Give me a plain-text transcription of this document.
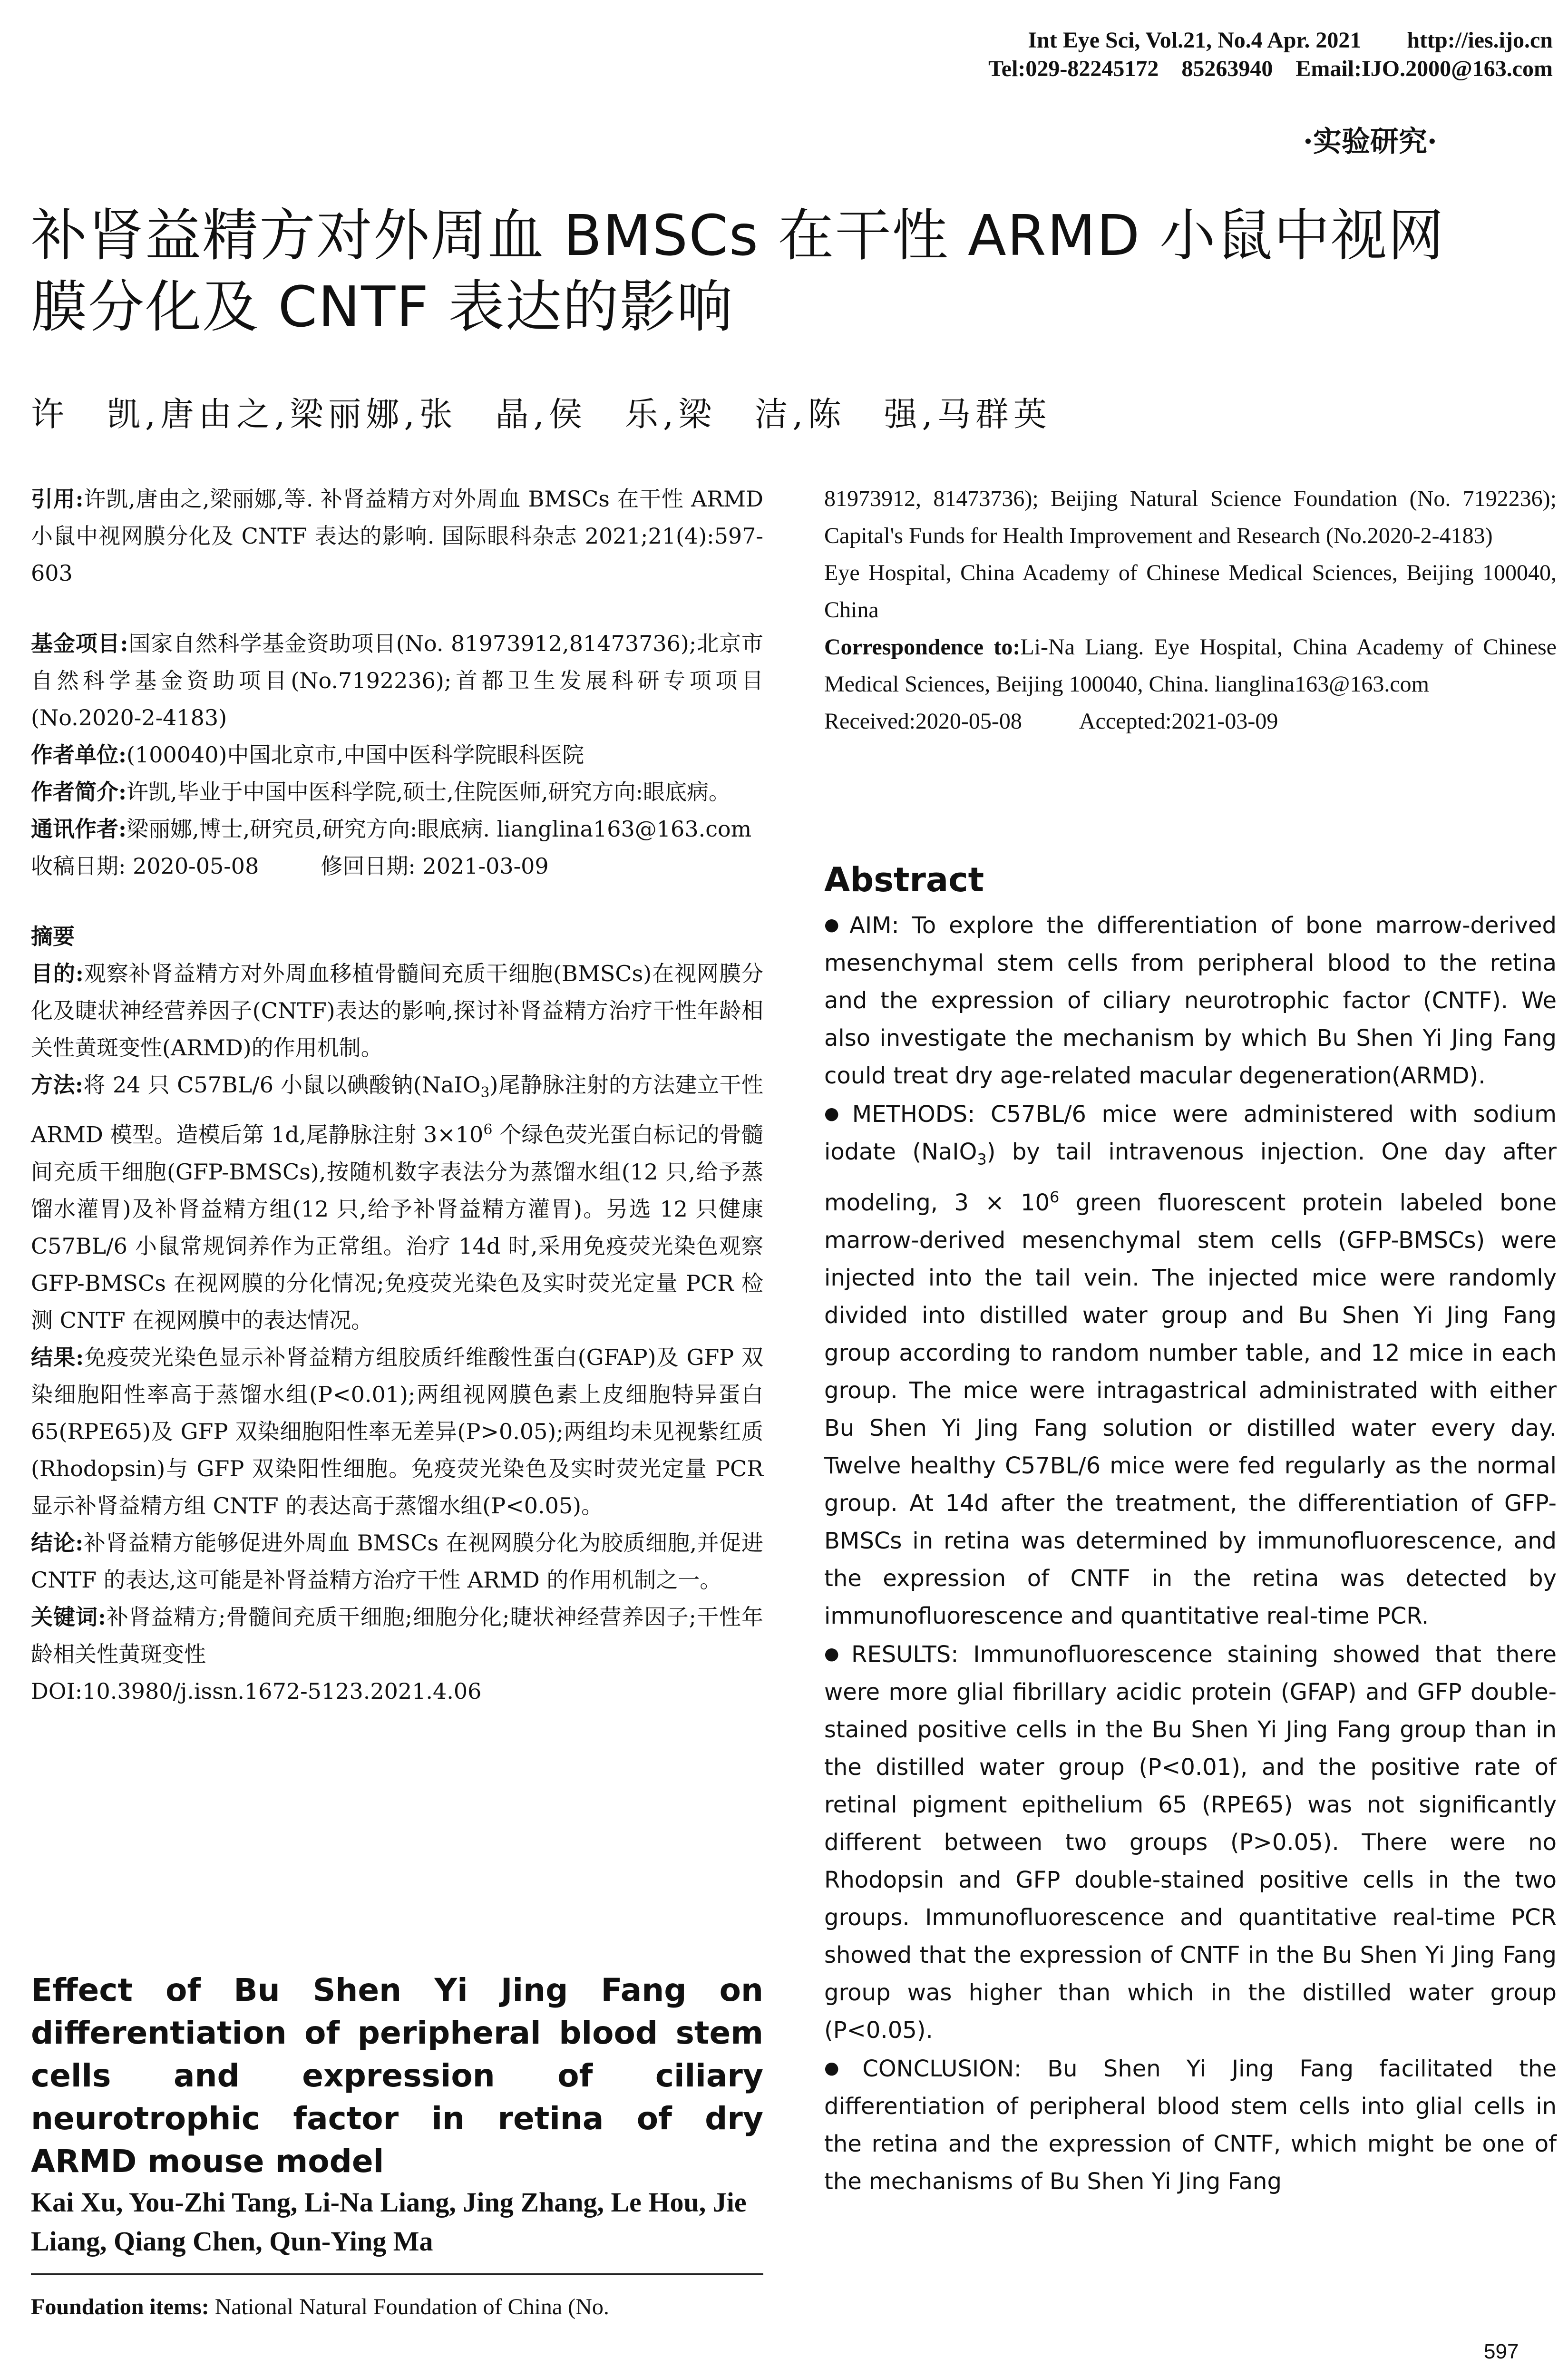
Int Eye Sci, Vol.21, No.4 Apr. 2021        http://ies.ijo.cn
Tel:029-82245172    85263940    Email:IJO.2000@163.com
·实验研究·
补肾益精方对外周血 BMSCs 在干性 ARMD 小鼠中视网
膜分化及 CNTF 表达的影响
许　凯,唐由之,梁丽娜,张　晶,侯　乐,梁　洁,陈　强,马群英

引用:许凯,唐由之,梁丽娜,等. 补肾益精方对外周血 BMSCs 在干性 ARMD 小鼠中视网膜分化及 CNTF 表达的影响. 国际眼科杂志 2021;21(4):597-603

基金项目:国家自然科学基金资助项目(No. 81973912,81473736);北京市自然科学基金资助项目(No.7192236);首都卫生发展科研专项项目(No.2020-2-4183)

作者单位:(100040)中国北京市,中国中医科学院眼科医院

作者简介:许凯,毕业于中国中医科学院,硕士,住院医师,研究方向:眼底病。

通讯作者:梁丽娜,博士,研究员,研究方向:眼底病. lianglina163@163.com

收稿日期: 2020-05-08	修回日期: 2021-03-09

摘要

目的:观察补肾益精方对外周血移植骨髓间充质干细胞(BMSCs)在视网膜分化及睫状神经营养因子(CNTF)表达的影响,探讨补肾益精方治疗干性年龄相关性黄斑变性(ARMD)的作用机制。

方法:将 24 只 C57BL/6 小鼠以碘酸钠(NaIO$_3$)尾静脉注射的方法建立干性 ARMD 模型。造模后第 1d,尾静脉注射 $3\times 10^6$ 个绿色荧光蛋白标记的骨髓间充质干细胞(GFP-BMSCs),按随机数字表法分为蒸馏水组(12 只,给予蒸馏水灌胃)及补肾益精方组(12 只,给予补肾益精方灌胃)。另选 12 只健康 C57BL/6 小鼠常规饲养作为正常组。治疗 14d 时,采用免疫荧光染色观察 GFP-BMSCs 在视网膜的分化情况;免疫荧光染色及实时荧光定量 PCR 检测 CNTF 在视网膜中的表达情况。

结果:免疫荧光染色显示补肾益精方组胶质纤维酸性蛋白(GFAP)及 GFP 双染细胞阳性率高于蒸馏水组(P<0.01);两组视网膜色素上皮细胞特异蛋白 65(RPE65)及 GFP 双染细胞阳性率无差异(P>0.05);两组均未见视紫红质(Rhodopsin)与 GFP 双染阳性细胞。免疫荧光染色及实时荧光定量 PCR 显示补肾益精方组 CNTF 的表达高于蒸馏水组(P<0.05)。

结论:补肾益精方能够促进外周血 BMSCs 在视网膜分化为胶质细胞,并促进 CNTF 的表达,这可能是补肾益精方治疗干性 ARMD 的作用机制之一。

关键词:补肾益精方;骨髓间充质干细胞;细胞分化;睫状神经营养因子;干性年龄相关性黄斑变性

DOI:10.3980/j.issn.1672-5123.2021.4.06

Effect of Bu Shen Yi Jing Fang on differentiation of peripheral blood stem cells and expression of ciliary neurotrophic factor in retina of dry ARMD mouse model
Kai Xu, You-Zhi Tang, Li-Na Liang, Jing Zhang, Le Hou, Jie Liang, Qiang Chen, Qun-Ying Ma
Foundation items: National Natural Foundation of China (No.
81973912, 81473736); Beijing Natural Science Foundation (No. 7192236); Capital's Funds for Health Improvement and Research (No.2020-2-4183)
Eye Hospital, China Academy of Chinese Medical Sciences, Beijing 100040, China
Correspondence to:Li-Na Liang. Eye Hospital, China Academy of Chinese Medical Sciences, Beijing 100040, China. lianglina163@163.com
Received:2020-05-08	Accepted:2021-03-09
Abstract

● AIM: To explore the differentiation of bone marrow-derived mesenchymal stem cells from peripheral blood to the retina and the expression of ciliary neurotrophic factor (CNTF). We also investigate the mechanism by which Bu Shen Yi Jing Fang could treat dry age-related macular degeneration(ARMD).

● METHODS: C57BL/6 mice were administered with sodium iodate (NaIO$_3$) by tail intravenous injection. One day after modeling, $3 \times 10^6$ green fluorescent protein labeled bone marrow-derived mesenchymal stem cells (GFP-BMSCs) were injected into the tail vein. The injected mice were randomly divided into distilled water group and Bu Shen Yi Jing Fang group according to random number table, and 12 mice in each group. The mice were intragastrical administrated with either Bu Shen Yi Jing Fang solution or distilled water every day. Twelve healthy C57BL/6 mice were fed regularly as the normal group. At 14d after the treatment, the differentiation of GFP-BMSCs in retina was determined by immunofluorescence, and the expression of CNTF in the retina was detected by immunofluorescence and quantitative real-time PCR.

● RESULTS: Immunofluorescence staining showed that there were more glial fibrillary acidic protein (GFAP) and GFP double-stained positive cells in the Bu Shen Yi Jing Fang group than in the distilled water group (P<0.01), and the positive rate of retinal pigment epithelium 65 (RPE65) was not significantly different between two groups (P>0.05). There were no Rhodopsin and GFP double-stained positive cells in the two groups. Immunofluorescence and quantitative real-time PCR showed that the expression of CNTF in the Bu Shen Yi Jing Fang group was higher than which in the distilled water group (P<0.05).

● CONCLUSION: Bu Shen Yi Jing Fang facilitated the differentiation of peripheral blood stem cells into glial cells in the retina and the expression of CNTF, which might be one of the mechanisms of Bu Shen Yi Jing Fang

597
